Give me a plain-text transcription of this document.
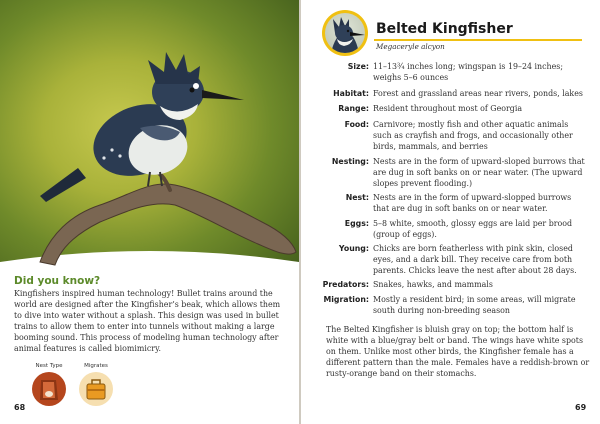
Did you know?
Kingfishers inspired human technology! Bullet trains around the world are designed after the Kingfisher’s beak, which allows them to dive into water without a splash. This design was used in bullet trains to allow them to enter into tunnels without making a large booming sound. This process of modeling human technology after animal features is called biomimicry.
Nest Type	Migrates
68
Belted Kingfisher
Megaceryle alcyon
Size: 11–13¾ inches long; wingspan is 19–24 inches; weighs 5–6 ounces
Habitat: Forest and grassland areas near rivers, ponds, lakes
Range: Resident throughout most of Georgia
Food: Carnivore; mostly fish and other aquatic animals such as crayfish and frogs, and occasionally other birds, mammals, and berries
Nesting: Nests are in the form of upward-sloped burrows that are dug in soft banks on or near water. (The upward slopes prevent flooding.)
Nest: Nests are in the form of upward-slopped burrows that are dug in soft banks on or near water.
Eggs: 5–8 white, smooth, glossy eggs are laid per brood (group of eggs).
Young: Chicks are born featherless with pink skin, closed eyes, and a dark bill. They receive care from both parents. Chicks leave the nest after about 28 days.
Predators: Snakes, hawks, and mammals
Migration: Mostly a resident bird; in some areas, will migrate south during non-breeding season
The Belted Kingfisher is bluish gray on top; the bottom half is white with a blue/gray belt or band. The wings have white spots on them. Unlike most other birds, the Kingfisher female has a different pattern than the male. Females have a reddish-brown or rusty-orange band on their stomachs.
69
